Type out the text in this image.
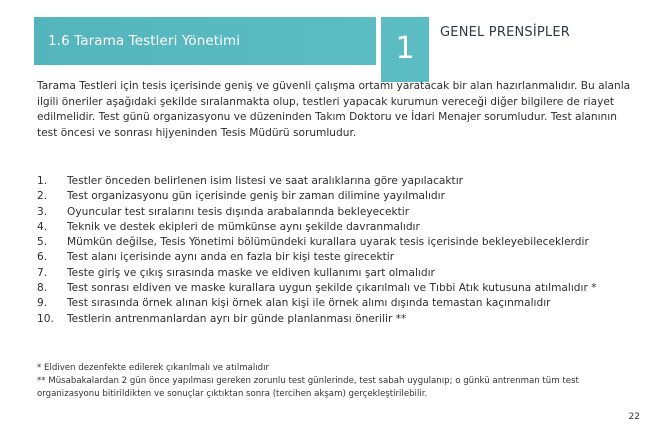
1.6 Tarama Testleri Yönetimi	1	GENEL PRENSİPLER

Tarama Testleri için tesis içerisinde geniş ve güvenli çalışma ortamı yaratacak bir alan hazırlanmalıdır. Bu alanla ilgili öneriler aşağıdaki şekilde sıralanmakta olup, testleri yapacak kurumun vereceği diğer bilgilere de riayet edilmelidir. Test günü organizasyonu ve düzeninden Takım Doktoru ve İdari Menajer sorumludur. Test alanının test öncesi ve sonrası hijyeninden Tesis Müdürü sorumludur.

1.	Testler önceden belirlenen isim listesi ve saat aralıklarına göre yapılacaktır
2.	Test organizasyonu gün içerisinde geniş bir zaman dilimine yayılmalıdır
3.	Oyuncular test sıralarını tesis dışında arabalarında bekleyecektir
4.	Teknik ve destek ekipleri de mümkünse aynı şekilde davranmalıdır
5.	Mümkün değilse, Tesis Yönetimi bölümündeki kurallara uyarak tesis içerisinde bekleyebileceklerdir
6.	Test alanı içerisinde aynı anda en fazla bir kişi teste girecektir
7.	Teste giriş ve çıkış sırasında maske ve eldiven kullanımı şart olmalıdır
8.	Test sonrası eldiven ve maske kurallara uygun şekilde çıkarılmalı ve Tıbbi Atık kutusuna atılmalıdır *
9.	Test sırasında örnek alınan kişi örnek alan kişi ile örnek alımı dışında temastan kaçınmalıdır
10.	Testlerin antrenmanlardan ayrı bir günde planlanması önerilir **

* Eldiven dezenfekte edilerek çıkarılmalı ve atılmalıdır

** Müsabakalardan 2 gün önce yapılması gereken zorunlu test günlerinde, test sabah uygulanıp; o günkü antrenman tüm test organizasyonu bitirildikten ve sonuçlar çıktıktan sonra (tercihen akşam) gerçekleştirilebilir.

22
